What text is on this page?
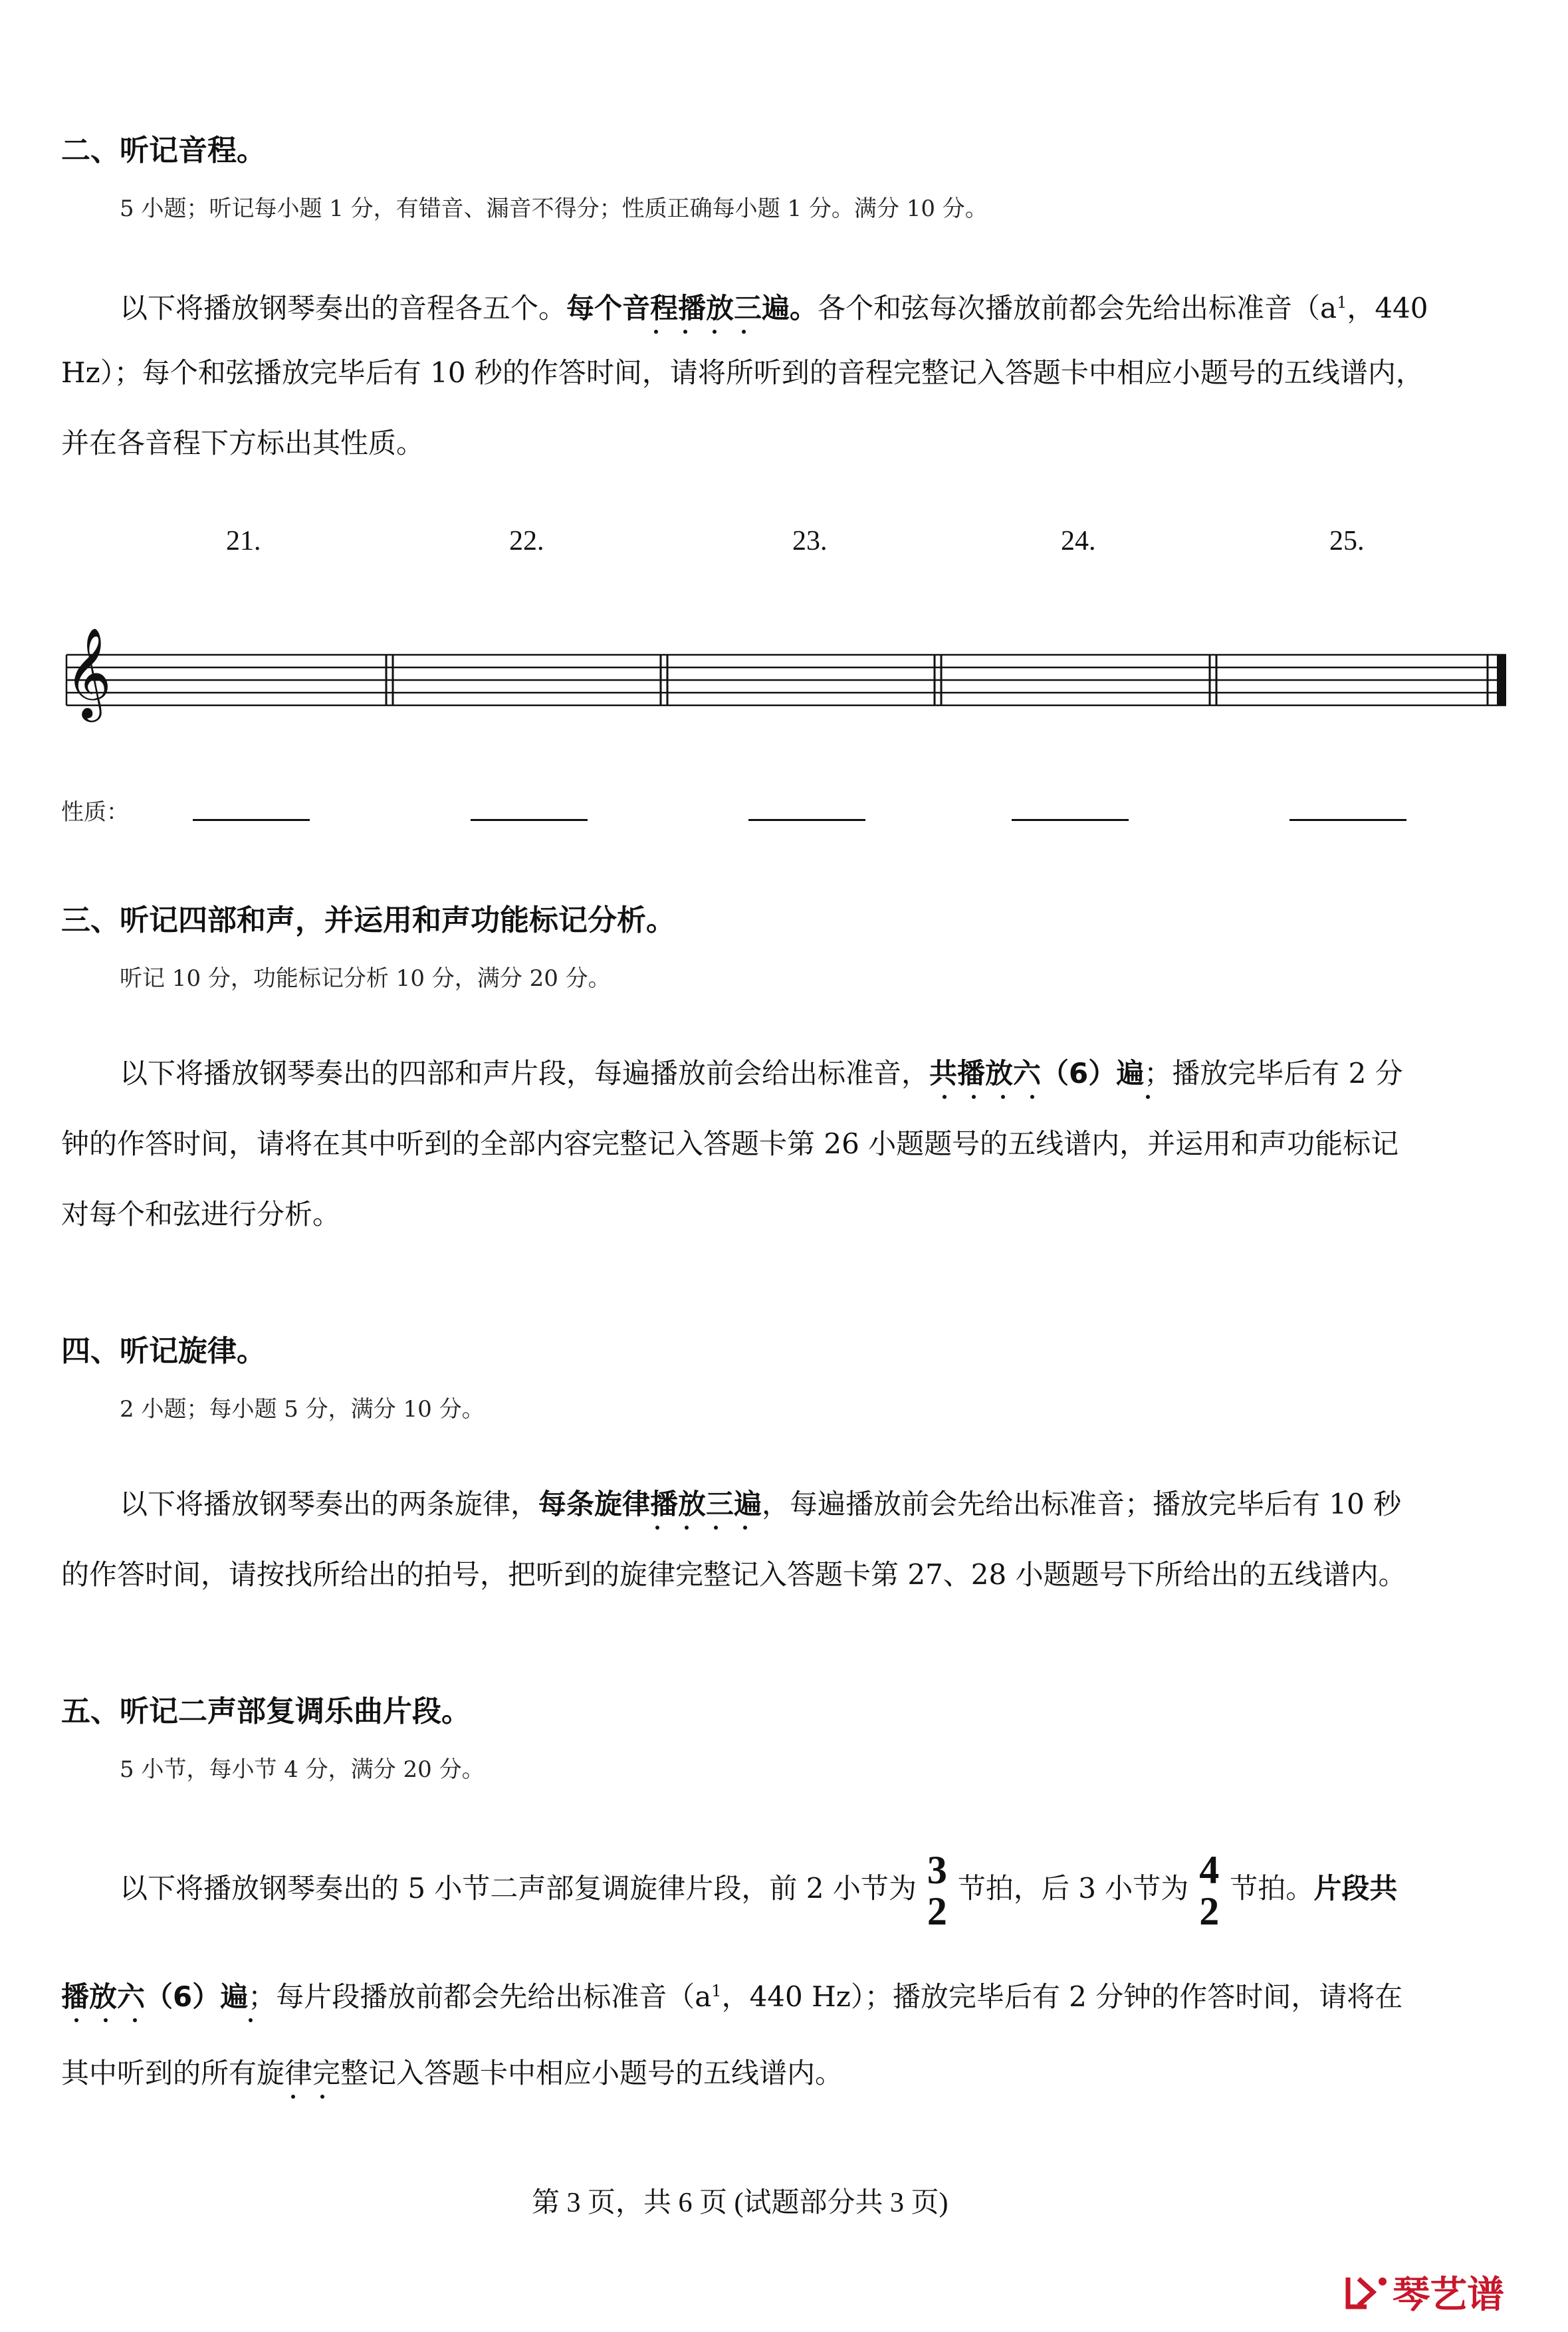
二、听记音程。
5 小题；听记每小题 1 分，有错音、漏音不得分；性质正确每小题 1 分。满分 10 分。
以下将播放钢琴奏出的音程各五个。每个音程播放三遍。
各个和弦每次播放前都会先给出标准音（$a^1$，440
Hz）；每个和弦播放完毕后有 10 秒的作答时间，请将所听到的音程完整记入答题卡中相应小题号的五线谱内，
并在各音程下方标出其性质。
21.	22.	23.	24.	25.
𝄞
性质：
三、听记四部和声，并运用和声功能标记分析。
听记 10 分，功能标记分析 10 分，满分 20 分。
以下将播放钢琴奏出的四部和声片段，每遍播放前会给出标准音，共播放六（6）遍
；播放完毕后有 2 分
钟的作答时间，请将在其中听到的全部内容完整记入答题卡第 26 小题题号的五线谱内，并运用和声功能标记
对每个和弦进行分析。
四、听记旋律。
2 小题；每小题 5 分，满分 10 分。
以下将播放钢琴奏出的两条旋律，每条旋律播放三遍
，每遍播放前会先给出标准音；播放完毕后有 10 秒
的作答时间，请按找所给出的拍号，把听到的旋律完整记入答题卡第 27、28 小题题号下所给出的五线谱内。
五、听记二声部复调乐曲片段。
5 小节，每小节 4 分，满分 20 分。
以下将播放钢琴奏出的 5 小节二声部复调旋律片段，前 2 小节为 3
2
节拍，后 3 小节为 4
2
节拍。片段共
播放六（6）遍
；每片段播放前都会先给出标准音（$a^1$，440 Hz）；播放完毕后有 2 分钟的作答时间，请将在
其中听到的所有旋律完整记入答题卡中相应小题号的五线谱内。
第 3 页，共 6 页 (试题部分共 3 页)
琴艺谱
